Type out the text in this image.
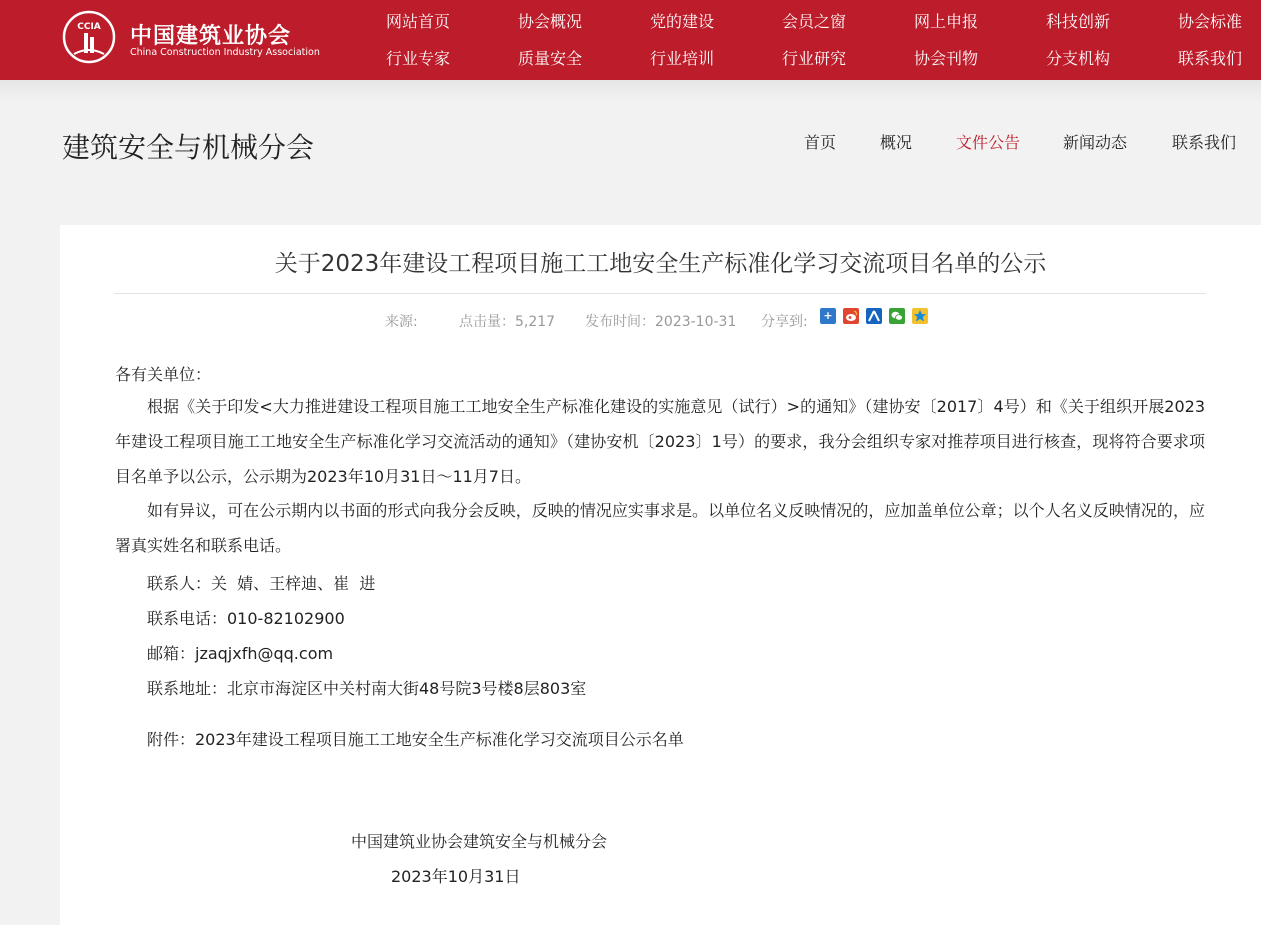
CCIA 中国建筑业协会
China Construction Industry Association
网站首页	协会概况	党的建设	会员之窗	网上申报	科技创新	协会标准
行业专家	质量安全	行业培训	行业研究	协会刊物	分支机构	联系我们
建筑安全与机械分会	首页	概况	文件公告	新闻动态	联系我们
关于2023年建设工程项目施工工地安全生产标准化学习交流项目名单的公示
来源:	点击量：5,217 发布时间：2023-10-31 分享到:	+
各有关单位：
根据《关于印发<大力推进建设工程项目施工工地安全生产标准化建设的实施意见（试行）>的通知》（建协安〔2017〕4号）和《关于组织开展2023年建设工程项目施工工地安全生产标准化学习交流活动的通知》（建协安机〔2023〕1号）的要求，我分会组织专家对推荐项目进行核查，现将符合要求项目名单予以公示，公示期为2023年10月31日～11月7日。
如有异议，可在公示期内以书面的形式向我分会反映，反映的情况应实事求是。以单位名义反映情况的，应加盖单位公章；以个人名义反映情况的，应署真实姓名和联系电话。
联系人：关  婧、王梓迪、崔  进
联系电话：010-82102900
邮箱：jzaqjxfh@qq.com
联系地址：北京市海淀区中关村南大街48号院3号楼8层803室
附件：2023年建设工程项目施工工地安全生产标准化学习交流项目公示名单
中国建筑业协会建筑安全与机械分会
2023年10月31日
